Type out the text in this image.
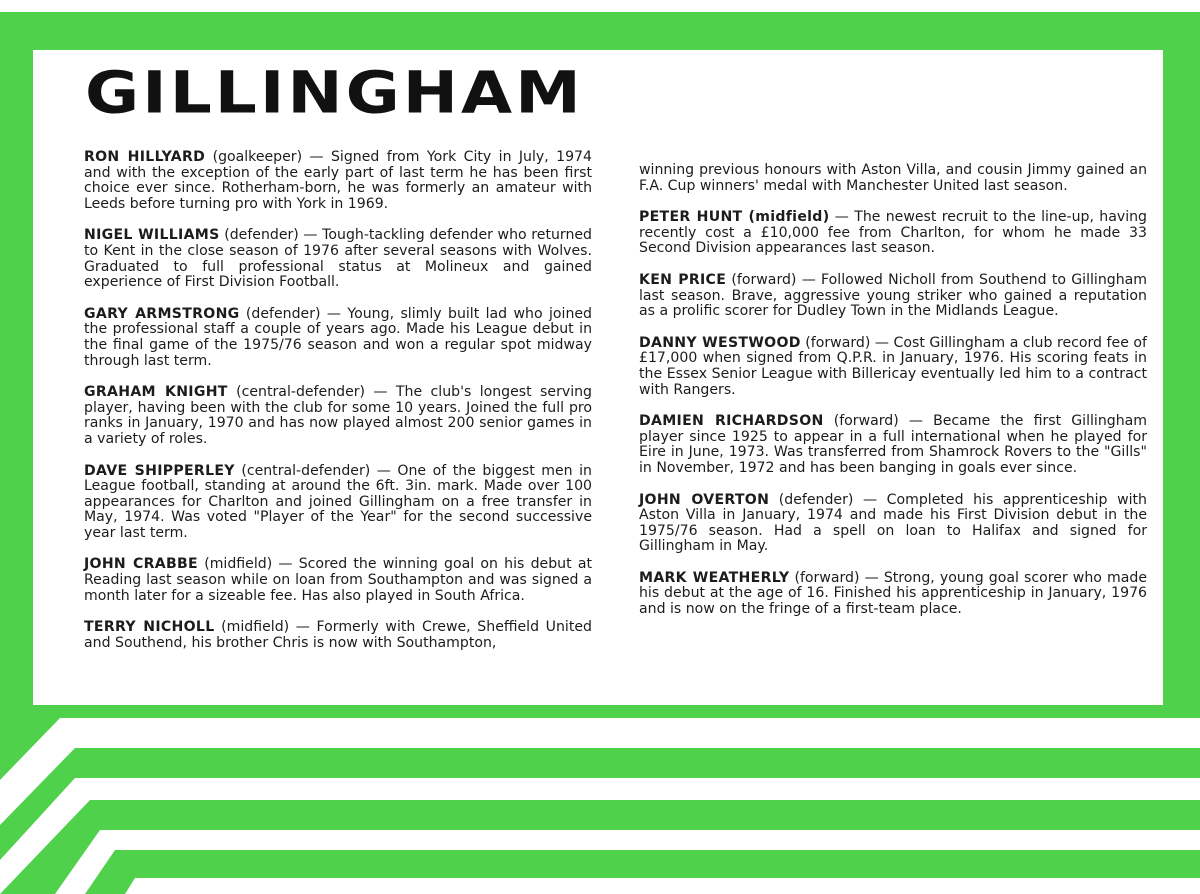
GILLINGHAM

RON HILLYARD (goalkeeper) — Signed from York City in July, 1974 and with the exception of the early part of last term he has been first choice ever since. Rotherham-born, he was formerly an amateur with Leeds before turning pro with York in 1969.

NIGEL WILLIAMS (defender) — Tough-tackling defender who returned to Kent in the close season of 1976 after several seasons with Wolves. Graduated to full professional status at Molineux and gained experience of First Division Football.

GARY ARMSTRONG (defender) — Young, slimly built lad who joined the professional staff a couple of years ago. Made his League debut in the final game of the 1975/76 season and won a regular spot midway through last term.

GRAHAM KNIGHT (central-defender) — The club's longest serving player, having been with the club for some 10 years. Joined the full pro ranks in January, 1970 and has now played almost 200 senior games in a variety of roles.

DAVE SHIPPERLEY (central-defender) — One of the biggest men in League football, standing at around the 6ft. 3in. mark. Made over 100 appearances for Charlton and joined Gillingham on a free transfer in May, 1974. Was voted "Player of the Year" for the second successive year last term.

JOHN CRABBE (midfield) — Scored the winning goal on his debut at Reading last season while on loan from Southampton and was signed a month later for a sizeable fee. Has also played in South Africa.

TERRY NICHOLL (midfield) — Formerly with Crewe, Sheffield United and Southend, his brother Chris is now with Southampton,

winning previous honours with Aston Villa, and cousin Jimmy gained an F.A. Cup winners' medal with Manchester United last season.

PETER HUNT (midfield) — The newest recruit to the line-up, having recently cost a £10,000 fee from Charlton, for whom he made 33 Second Division appearances last season.

KEN PRICE (forward) — Followed Nicholl from Southend to Gillingham last season. Brave, aggressive young striker who gained a reputation as a prolific scorer for Dudley Town in the Midlands League.

DANNY WESTWOOD (forward) — Cost Gillingham a club record fee of £17,000 when signed from Q.P.R. in January, 1976. His scoring feats in the Essex Senior League with Billericay eventually led him to a contract with Rangers.

DAMIEN RICHARDSON (forward) — Became the first Gillingham player since 1925 to appear in a full international when he played for Eire in June, 1973. Was transferred from Shamrock Rovers to the "Gills" in November, 1972 and has been banging in goals ever since.

JOHN OVERTON (defender) — Completed his apprenticeship with Aston Villa in January, 1974 and made his First Division debut in the 1975/76 season. Had a spell on loan to Halifax and signed for Gillingham in May.

MARK WEATHERLY (forward) — Strong, young goal scorer who made his debut at the age of 16. Finished his apprenticeship in January, 1976 and is now on the fringe of a first-team place.
